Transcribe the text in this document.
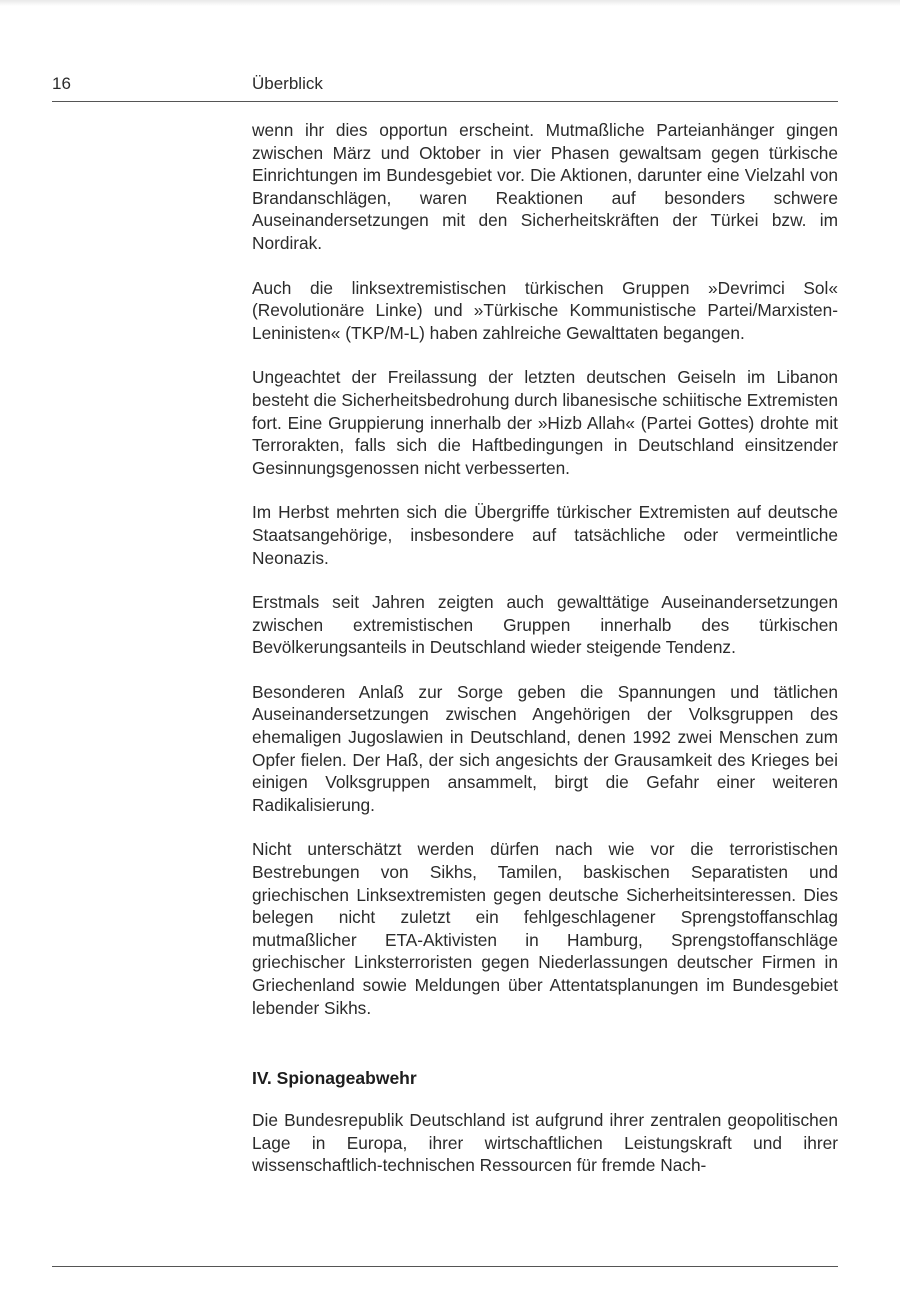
16	Überblick

wenn ihr dies opportun erscheint. Mutmaßliche Parteianhänger gingen zwischen März und Oktober in vier Phasen gewaltsam gegen türkische Einrichtungen im Bundesgebiet vor. Die Aktionen, darunter eine Vielzahl von Brandanschlägen, waren Reaktionen auf besonders schwere Auseinandersetzungen mit den Sicherheitskräften der Türkei bzw. im Nordirak.

Auch die linksextremistischen türkischen Gruppen »Devrimci Sol« (Revolutionäre Linke) und »Türkische Kommunistische Partei/Marxisten-Leninisten« (TKP/M-L) haben zahlreiche Gewalttaten begangen.

Ungeachtet der Freilassung der letzten deutschen Geiseln im Libanon besteht die Sicherheitsbedrohung durch libanesische schiitische Extremisten fort. Eine Gruppierung innerhalb der »Hizb Allah« (Partei Gottes) drohte mit Terrorakten, falls sich die Haftbedingungen in Deutschland einsitzender Gesinnungsgenossen nicht verbesserten.

Im Herbst mehrten sich die Übergriffe türkischer Extremisten auf deutsche Staatsangehörige, insbesondere auf tatsächliche oder vermeintliche Neonazis.

Erstmals seit Jahren zeigten auch gewalttätige Auseinandersetzungen zwischen extremistischen Gruppen innerhalb des türkischen Bevölkerungsanteils in Deutschland wieder steigende Tendenz.

Besonderen Anlaß zur Sorge geben die Spannungen und tätlichen Auseinandersetzungen zwischen Angehörigen der Volksgruppen des ehemaligen Jugoslawien in Deutschland, denen 1992 zwei Menschen zum Opfer fielen. Der Haß, der sich angesichts der Grausamkeit des Krieges bei einigen Volksgruppen ansammelt, birgt die Gefahr einer weiteren Radikalisierung.

Nicht unterschätzt werden dürfen nach wie vor die terroristischen Bestrebungen von Sikhs, Tamilen, baskischen Separatisten und griechischen Linksextremisten gegen deutsche Sicherheitsinteressen. Dies belegen nicht zuletzt ein fehlgeschlagener Sprengstoffanschlag mutmaßlicher ETA-Aktivisten in Hamburg, Sprengstoffanschläge griechischer Linksterroristen gegen Niederlassungen deutscher Firmen in Griechenland sowie Meldungen über Attentatsplanungen im Bundesgebiet lebender Sikhs.

IV. Spionageabwehr

Die Bundesrepublik Deutschland ist aufgrund ihrer zentralen geopolitischen Lage in Europa, ihrer wirtschaftlichen Leistungskraft und ihrer wissenschaftlich-technischen Ressourcen für fremde Nach-
